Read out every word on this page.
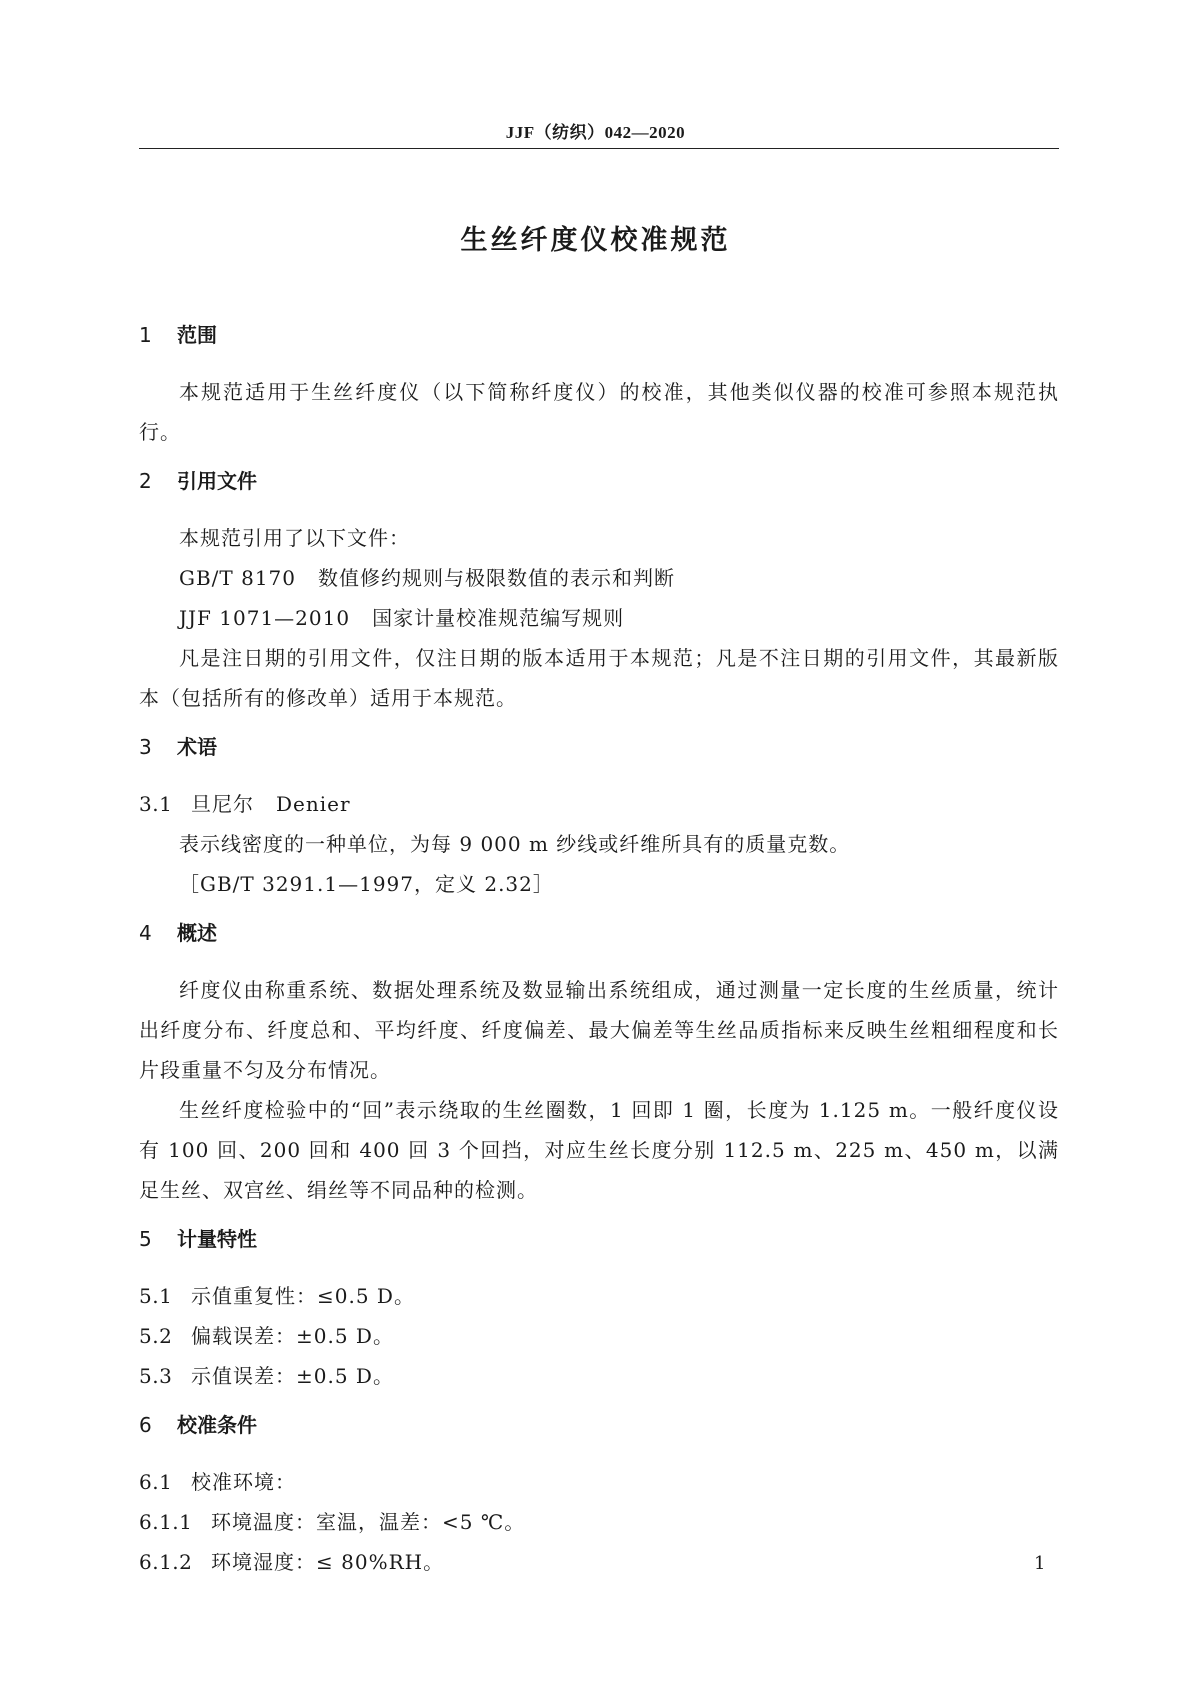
JJF（纺织）042—2020
生丝纤度仪校准规范
1 范围
本规范适用于生丝纤度仪（以下简称纤度仪）的校准，其他类似仪器的校准可参照本规范执行。
2 引用文件
本规范引用了以下文件：
GB/T 8170 数值修约规则与极限数值的表示和判断
JJF 1071—2010 国家计量校准规范编写规则
凡是注日期的引用文件，仅注日期的版本适用于本规范；凡是不注日期的引用文件，其最新版本（包括所有的修改单）适用于本规范。
3 术语
3.1 旦尼尔 Denier
表示线密度的一种单位，为每 9 000 m 纱线或纤维所具有的质量克数。
［GB/T 3291.1—1997，定义 2.32］
4 概述
纤度仪由称重系统、数据处理系统及数显输出系统组成，通过测量一定长度的生丝质量，统计出纤度分布、纤度总和、平均纤度、纤度偏差、最大偏差等生丝品质指标来反映生丝粗细程度和长片段重量不匀及分布情况。
生丝纤度检验中的“回”表示绕取的生丝圈数，1 回即 1 圈，长度为 1.125 m。一般纤度仪设有 100 回、200 回和 400 回 3 个回挡，对应生丝长度分别 112.5 m、225 m、450 m，以满足生丝、双宫丝、绢丝等不同品种的检测。
5 计量特性
5.1 示值重复性：≤0.5 D。
5.2 偏载误差：±0.5 D。
5.3 示值误差：±0.5 D。
6 校准条件
6.1 校准环境：
6.1.1 环境温度：室温，温差：<5 ℃。
6.1.2 环境湿度：≤ 80%RH。	1
